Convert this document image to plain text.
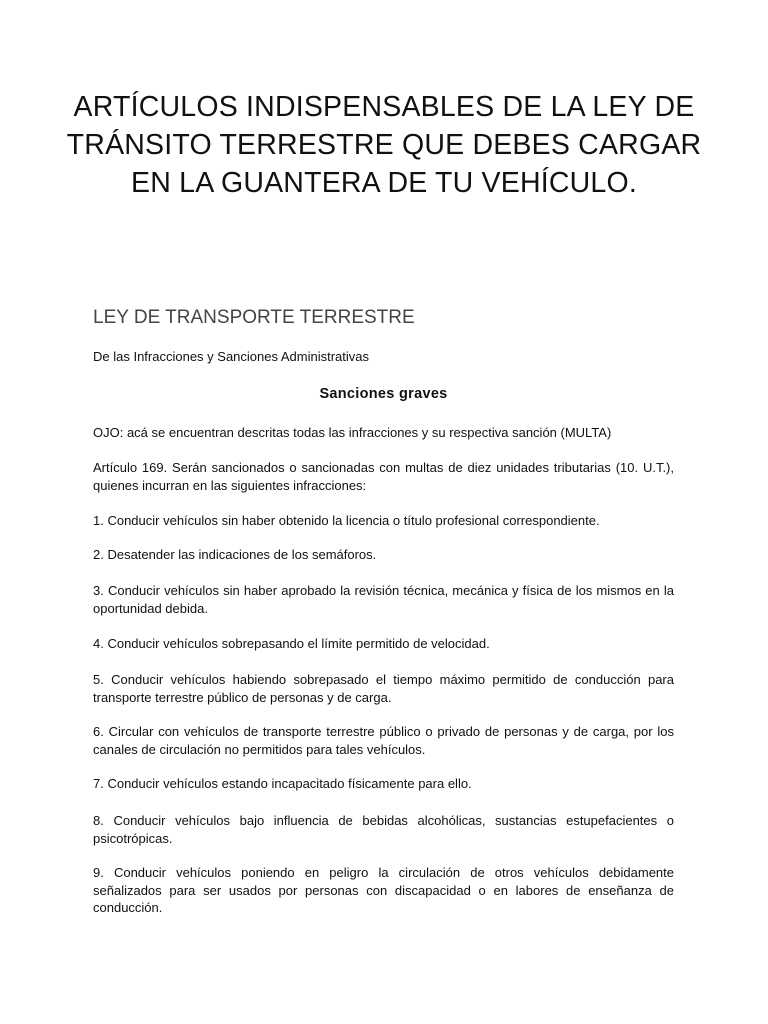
ARTÍCULOS INDISPENSABLES DE LA LEY DE TRÁNSITO TERRESTRE QUE DEBES CARGAR EN LA GUANTERA DE TU VEHÍCULO.
LEY DE TRANSPORTE TERRESTRE

De las Infracciones y Sanciones Administrativas

Sanciones graves

OJO: acá se encuentran descritas todas las infracciones y su respectiva sanción (MULTA)

Artículo 169. Serán sancionados o sancionadas con multas de diez unidades tributarias (10. U.T.), quienes incurran en las siguientes infracciones:

1. Conducir vehículos sin haber obtenido la licencia o título profesional correspondiente.

2. Desatender las indicaciones de los semáforos.

3. Conducir vehículos sin haber aprobado la revisión técnica, mecánica y física de los mismos en la oportunidad debida.

4. Conducir vehículos sobrepasando el límite permitido de velocidad.

5. Conducir vehículos habiendo sobrepasado el tiempo máximo permitido de conducción para transporte terrestre público de personas y de carga.

6. Circular con vehículos de transporte terrestre público o privado de personas y de carga, por los canales de circulación no permitidos para tales vehículos.

7. Conducir vehículos estando incapacitado físicamente para ello.

8. Conducir vehículos bajo influencia de bebidas alcohólicas, sustancias estupefacientes o psicotrópicas.

9. Conducir vehículos poniendo en peligro la circulación de otros vehículos debidamente señalizados para ser usados por personas con discapacidad o en labores de enseñanza de conducción.
